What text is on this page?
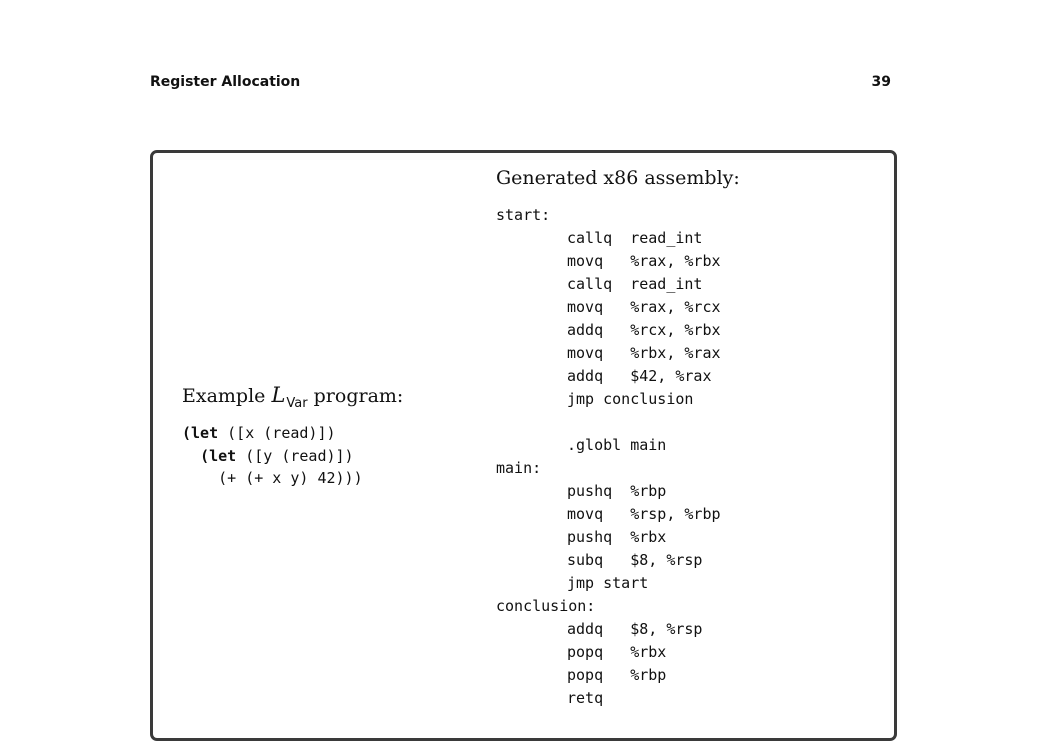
Register Allocation	39
Example $L_{Var}$ program:
(let ([x (read)])
(let ([y (read)])
(+ (+ x y) 42)))
Generated x86 assembly:
start:
callq  read_int
movq   %rax, %rbx
callq  read_int
movq   %rax, %rcx
addq   %rcx, %rbx
movq   %rbx, %rax
addq   $42, %rax
jmp conclusion
.globl main
main:
pushq  %rbp
movq   %rsp, %rbp
pushq  %rbx
subq   $8, %rsp
jmp start
conclusion:
addq   $8, %rsp
popq   %rbx
popq   %rbp
retq
